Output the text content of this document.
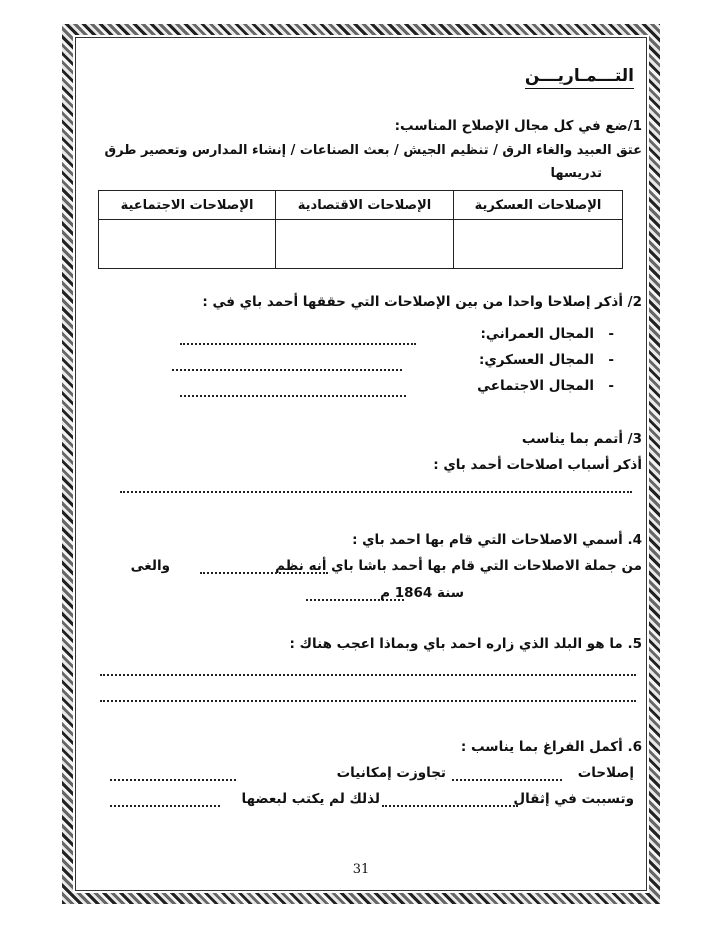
التـــمـاريـــن
1/ضع في كل مجال الإصلاح المناسب:
عتق العبيد والغاء الرق / تنظيم الجيش / بعث الصناعات / إنشاء المدارس وتعصير طرق
تدريسها
الإصلاحات العسكرية	الإصلاحات الاقتصادية	الإصلاحات الاجتماعية

2/ أذكر إصلاحا واحدا من بين الإصلاحات التي حققها أحمد باي في :
-
المجال العمراني:
-
المجال العسكري:
-
المجال الاجتماعي
3/ أتمم بما يناسب
أذكر أسباب اصلاحات أحمد باي :
4. أسمي الاصلاحات التي قام بها احمد باي :
من جملة الاصلاحات التي قام بها أحمد باشا باي أنه نظم
والغى
سنة 1864 م
5. ما هو البلد الذي زاره احمد باي وبماذا اعجب هناك :
6. أكمل الفراغ بما يناسب :
إصلاحات
تجاوزت إمكانيات
وتسببت في إثقال
لذلك لم يكتب لبعضها
31
